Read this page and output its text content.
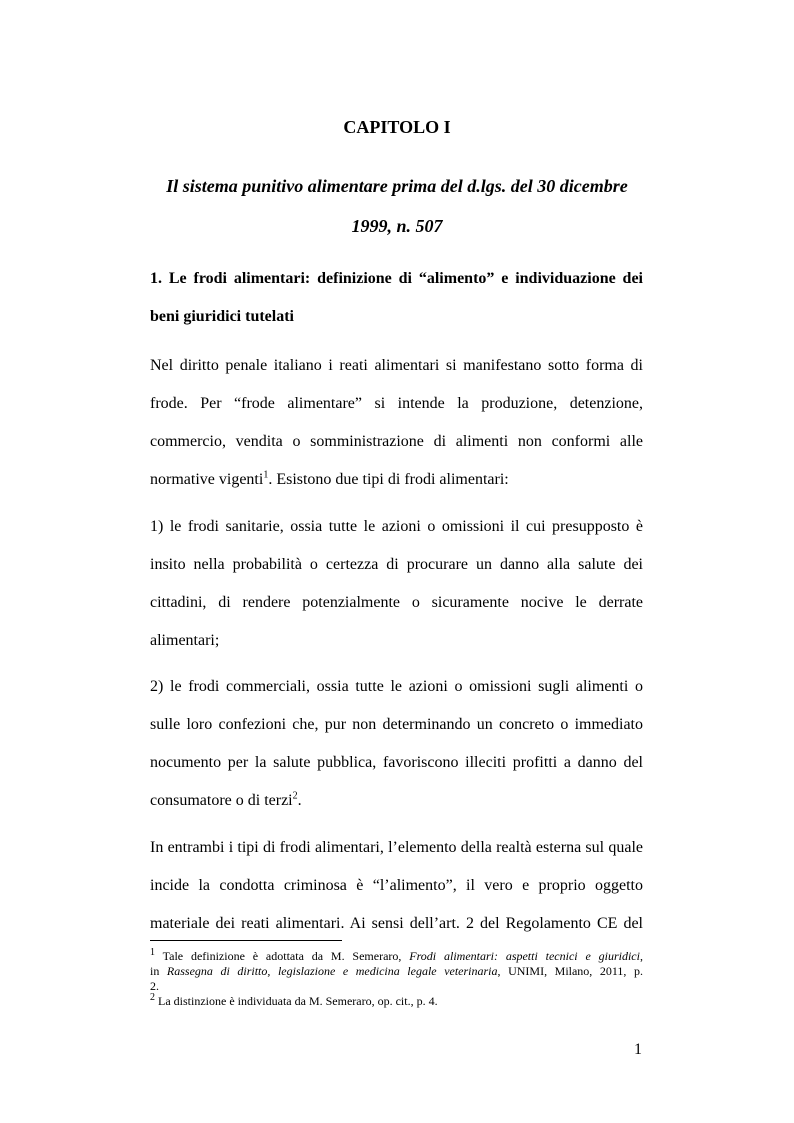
CAPITOLO I
Il sistema punitivo alimentare prima del d.lgs. del 30 dicembre
1999, n. 507
1. Le frodi alimentari: definizione di “alimento” e individuazione dei
beni giuridici tutelati
Nel diritto penale italiano i reati alimentari si manifestano sotto forma di
frode. Per “frode alimentare” si intende la produzione, detenzione,
commercio, vendita o somministrazione di alimenti non conformi alle
normative vigenti$^1$. Esistono due tipi di frodi alimentari:
1) le frodi sanitarie, ossia tutte le azioni o omissioni il cui presupposto è
insito nella probabilità o certezza di procurare un danno alla salute dei
cittadini, di rendere potenzialmente o sicuramente nocive le derrate
alimentari;
2) le frodi commerciali, ossia tutte le azioni o omissioni sugli alimenti o
sulle loro confezioni che, pur non determinando un concreto o immediato
nocumento per la salute pubblica, favoriscono illeciti profitti a danno del
consumatore o di terzi$^2$.
In entrambi i tipi di frodi alimentari, l’elemento della realtà esterna sul quale
incide la condotta criminosa è “l’alimento”, il vero e proprio oggetto
materiale dei reati alimentari. Ai sensi dell’art. 2 del Regolamento CE del
$^1$ Tale definizione è adottata da M. Semeraro, Frodi alimentari: aspetti tecnici e giuridici,
in Rassegna di diritto, legislazione e medicina legale veterinaria, UNIMI, Milano, 2011, p.
2.
$^2$ La distinzione è individuata da M. Semeraro, op. cit., p. 4.
1
